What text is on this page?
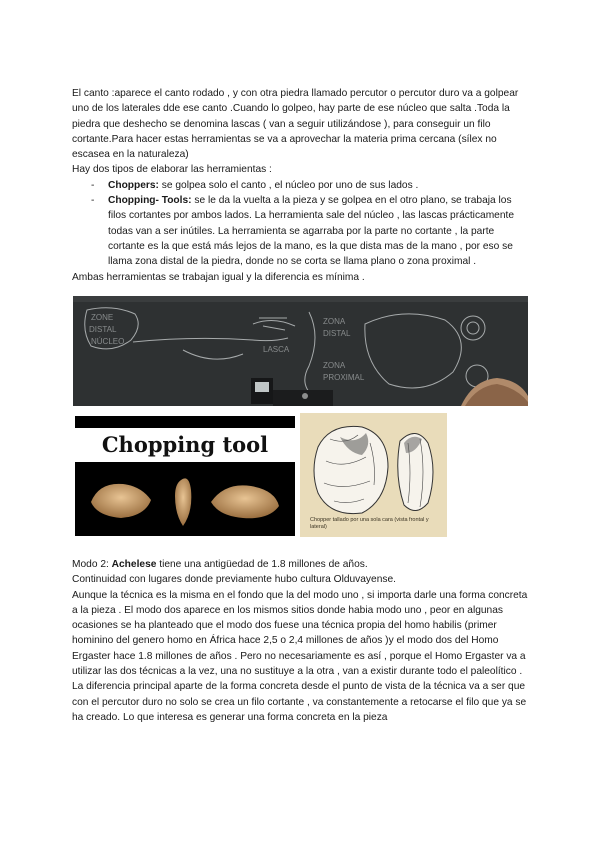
El canto :aparece el canto rodado , y con otra piedra llamado percutor o percutor duro va a golpear uno de los laterales dde ese canto .Cuando lo golpeo, hay parte de ese núcleo que salta .Toda la piedra que deshecho se denomina lascas ( van a seguir utilizándose ), para conseguir un filo cortante.Para hacer estas herramientas se va a aprovechar la materia prima cercana (sílex no escasea en la naturaleza)

Hay dos tipos de elaborar las herramientas :

- Choppers: se golpea solo el canto , el núcleo por uno de sus lados .
- Chopping- Tools: se le da la vuelta a la pieza y se golpea en el otro plano, se trabaja los filos cortantes por ambos lados. La herramienta sale del núcleo , las lascas prácticamente todas van a ser inútiles. La herramienta se agarraba por la parte no cortante , la parte cortante es la que está más lejos de la mano, es la que dista mas de la mano , por eso se llama zona distal de la piedra, donde no se corta se llama plano o zona proximal .

Ambas herramientas se trabajan igual y la diferencia es mínima .

ZONE
DISTAL
NÚCLEO
ZONA
DISTAL
ZONA
PROXIMAL
LASCA
Chopping tool
Chopper tallado por una sola cara (vista frontal y lateral)

Modo 2: Achelese tiene una antigüedad de 1.8 millones de años.

Continuidad con lugares donde previamente hubo cultura Olduvayense.

Aunque la técnica es la misma en el fondo que la del modo uno , si importa darle una forma concreta a la pieza . El modo dos aparece en los mismos sitios donde habia modo uno , peor en algunas ocasiones se ha planteado que el modo dos fuese una técnica propia del homo habilis (primer hominino del genero homo en África hace 2,5 o 2,4 millones de años )y el modo dos del Homo Ergaster hace 1.8 millones de años . Pero no necesariamente es así , porque el Homo Ergaster va a utilizar las dos técnicas a la vez, una no sustituye a la otra , van a existir durante todo el paleolítico .

La diferencia principal aparte de la forma concreta desde el punto de vista de la técnica va a ser que con el percutor duro no solo se crea un filo cortante , va constantemente a retocarse el filo que ya se ha creado. Lo que interesa es generar una forma concreta en la pieza
